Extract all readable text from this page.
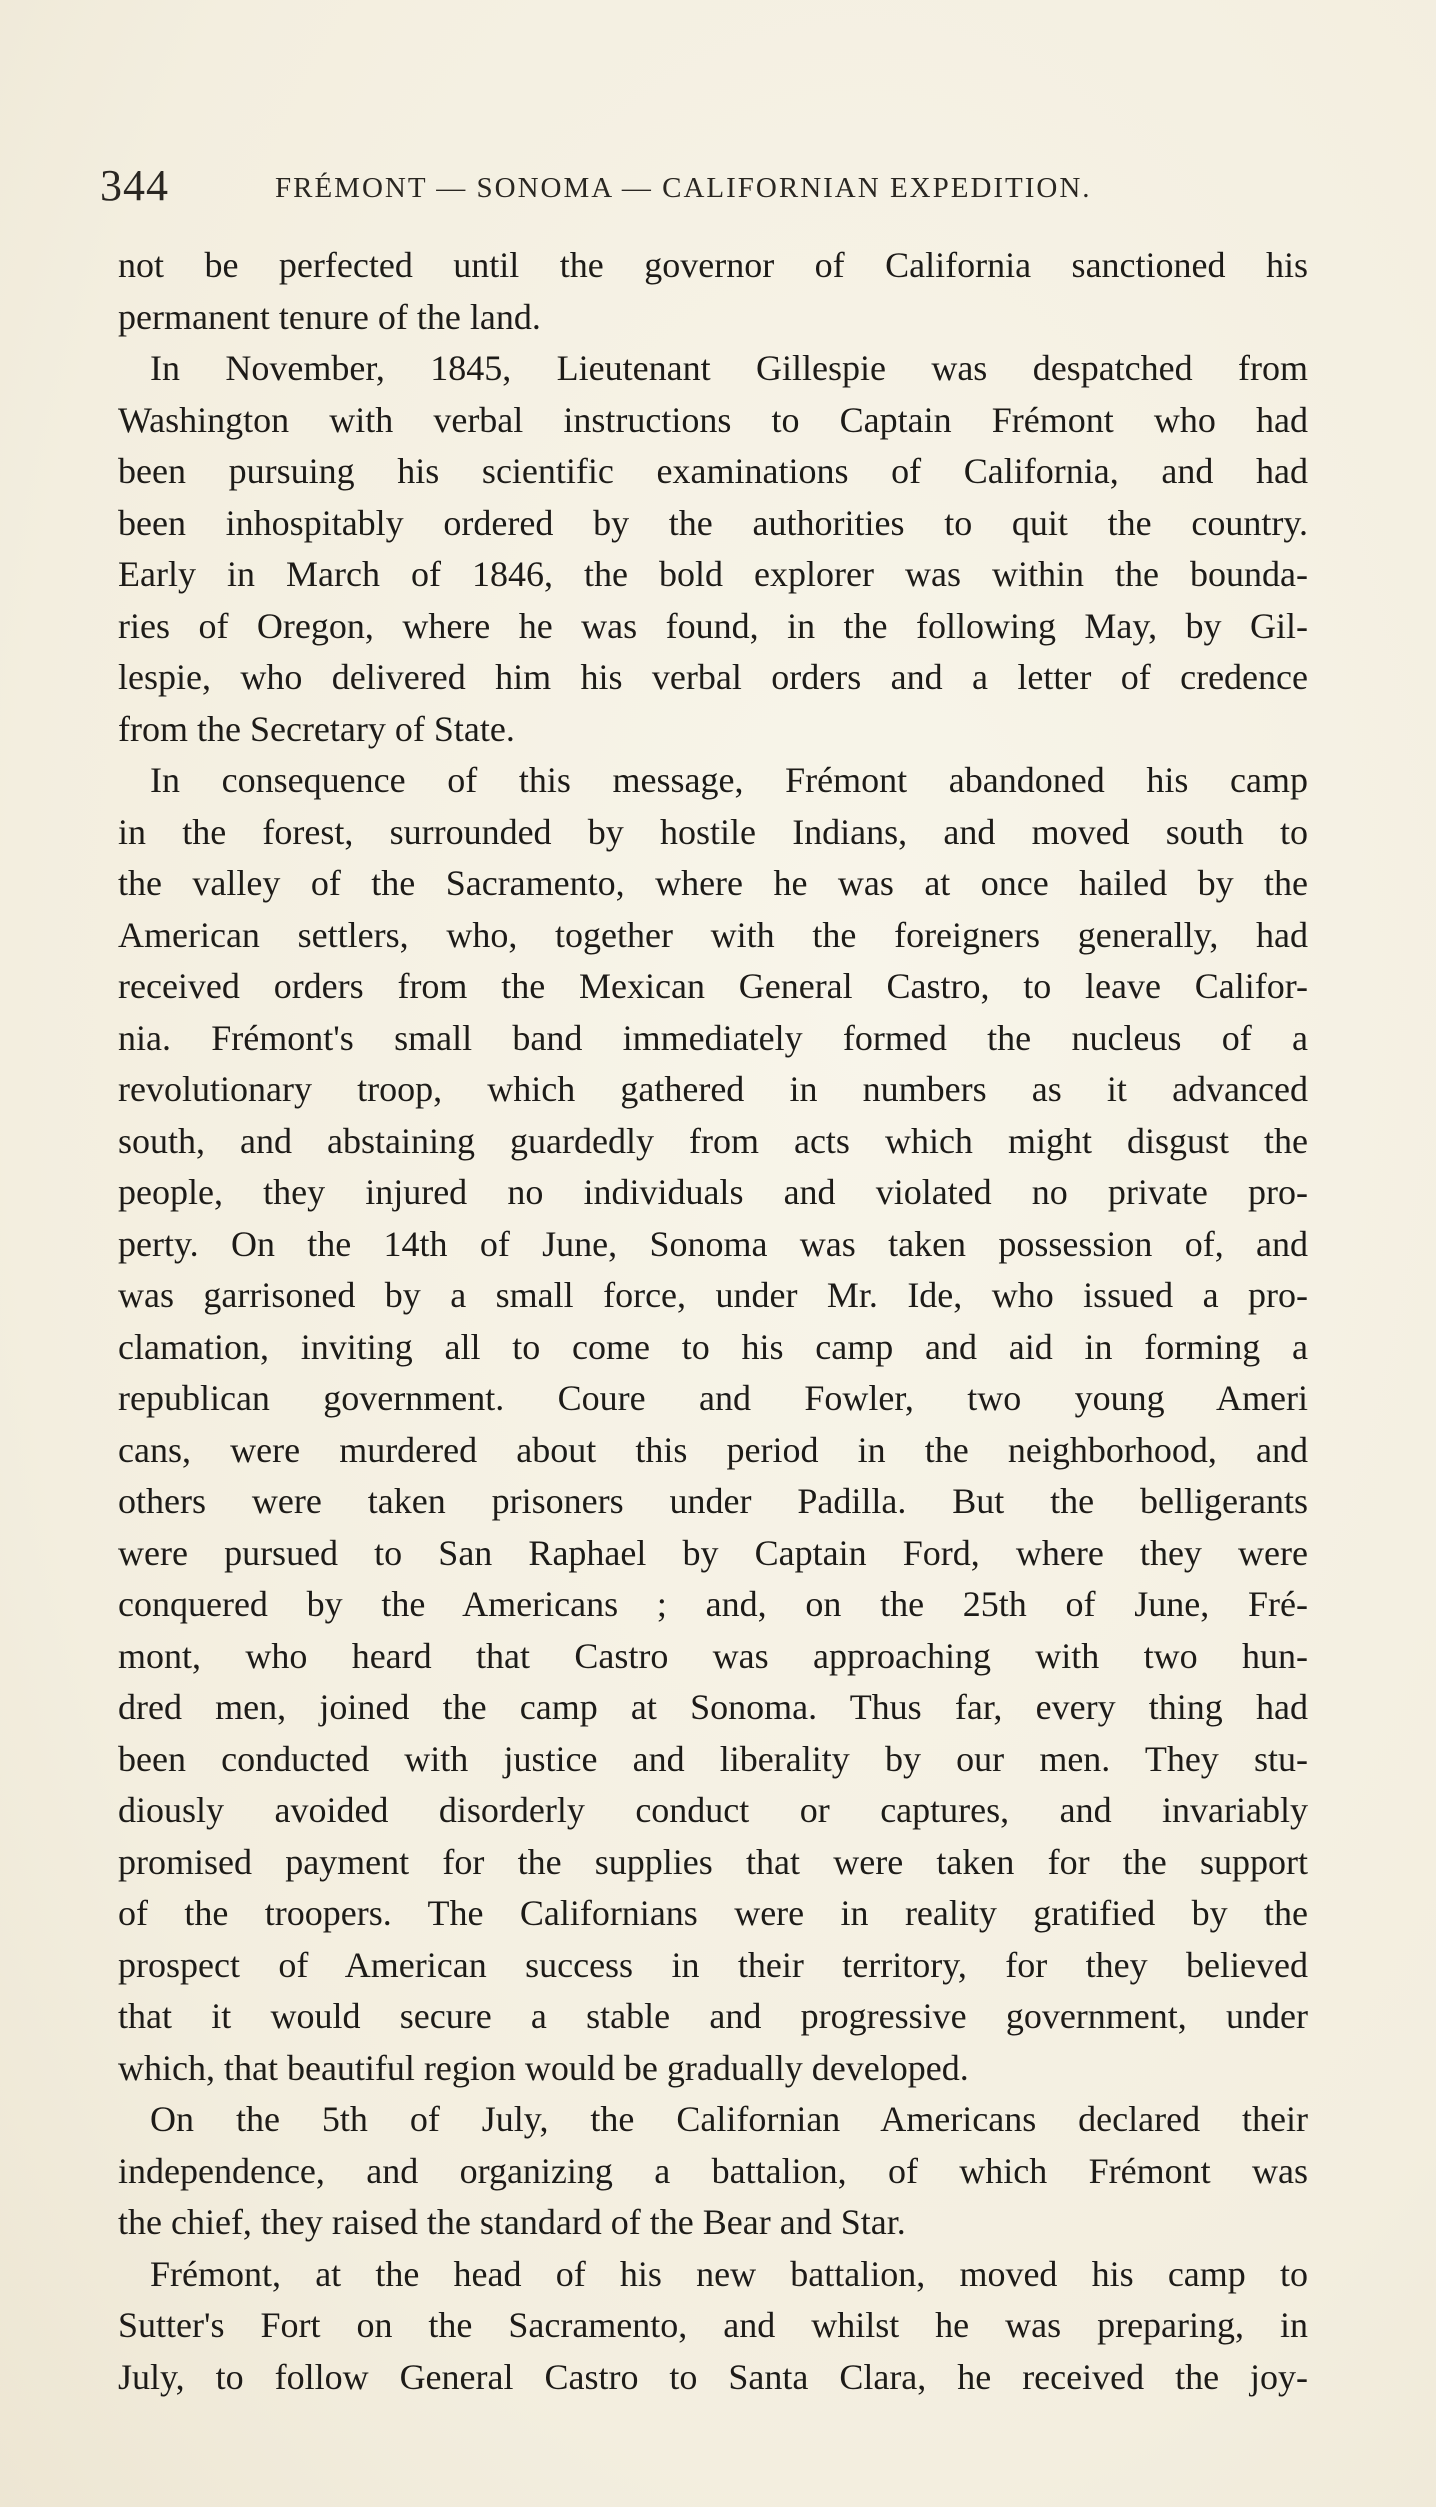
344	FRÉMONT — SONOMA — CALIFORNIAN EXPEDITION.
not be perfected until the governor of California sanctioned his
permanent tenure of the land.
In November, 1845, Lieutenant Gillespie was despatched from
Washington with verbal instructions to Captain Frémont who had
been pursuing his scientific examinations of California, and had
been inhospitably ordered by the authorities to quit the country.
Early in March of 1846, the bold explorer was within the bounda-
ries of Oregon, where he was found, in the following May, by Gil-
lespie, who delivered him his verbal orders and a letter of credence
from the Secretary of State.
In consequence of this message, Frémont abandoned his camp
in the forest, surrounded by hostile Indians, and moved south to
the valley of the Sacramento, where he was at once hailed by the
American settlers, who, together with the foreigners generally, had
received orders from the Mexican General Castro, to leave Califor-
nia. Frémont's small band immediately formed the nucleus of a
revolutionary troop, which gathered in numbers as it advanced
south, and abstaining guardedly from acts which might disgust the
people, they injured no individuals and violated no private pro-
perty. On the 14th of June, Sonoma was taken possession of, and
was garrisoned by a small force, under Mr. Ide, who issued a pro-
clamation, inviting all to come to his camp and aid in forming a
republican government. Coure and Fowler, two young Ameri
cans, were murdered about this period in the neighborhood, and
others were taken prisoners under Padilla. But the belligerants
were pursued to San Raphael by Captain Ford, where they were
conquered by the Americans ; and, on the 25th of June, Fré-
mont, who heard that Castro was approaching with two hun-
dred men, joined the camp at Sonoma. Thus far, every thing had
been conducted with justice and liberality by our men. They stu-
diously avoided disorderly conduct or captures, and invariably
promised payment for the supplies that were taken for the support
of the troopers. The Californians were in reality gratified by the
prospect of American success in their territory, for they believed
that it would secure a stable and progressive government, under
which, that beautiful region would be gradually developed.
On the 5th of July, the Californian Americans declared their
independence, and organizing a battalion, of which Frémont was
the chief, they raised the standard of the Bear and Star.
Frémont, at the head of his new battalion, moved his camp to
Sutter's Fort on the Sacramento, and whilst he was preparing, in
July, to follow General Castro to Santa Clara, he received the joy-
